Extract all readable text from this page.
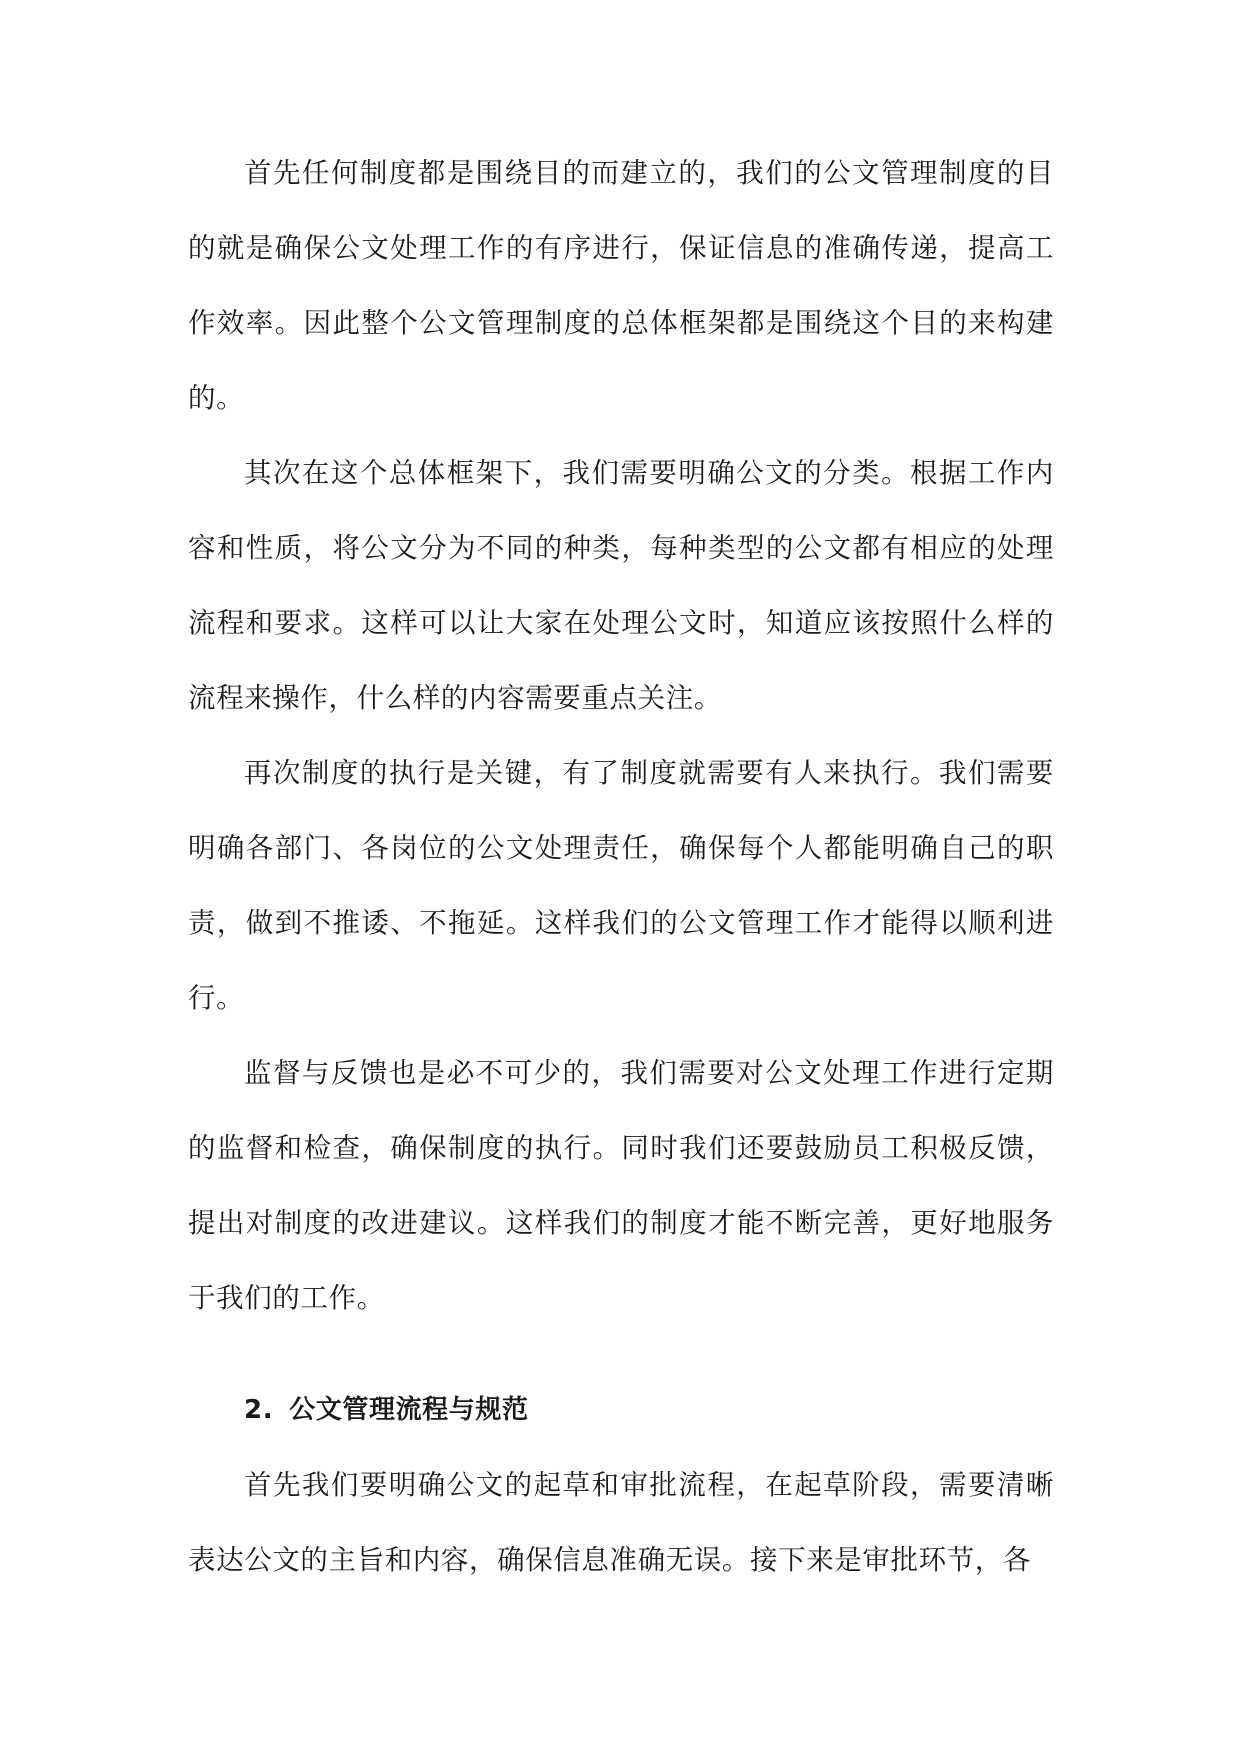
首先任何制度都是围绕目的而建立的，我们的公文管理制度的目的就是确保公文处理工作的有序进行，保证信息的准确传递，提高工作效率。因此整个公文管理制度的总体框架都是围绕这个目的来构建的。

其次在这个总体框架下，我们需要明确公文的分类。根据工作内容和性质，将公文分为不同的种类，每种类型的公文都有相应的处理流程和要求。这样可以让大家在处理公文时，知道应该按照什么样的流程来操作，什么样的内容需要重点关注。

再次制度的执行是关键，有了制度就需要有人来执行。我们需要明确各部门、各岗位的公文处理责任，确保每个人都能明确自己的职责，做到不推诿、不拖延。这样我们的公文管理工作才能得以顺利进行。

监督与反馈也是必不可少的，我们需要对公文处理工作进行定期的监督和检查，确保制度的执行。同时我们还要鼓励员工积极反馈，提出对制度的改进建议。这样我们的制度才能不断完善，更好地服务于我们的工作。

2. 公文管理流程与规范

首先我们要明确公文的起草和审批流程，在起草阶段，需要清晰表达公文的主旨和内容，确保信息准确无误。接下来是审批环节，各
